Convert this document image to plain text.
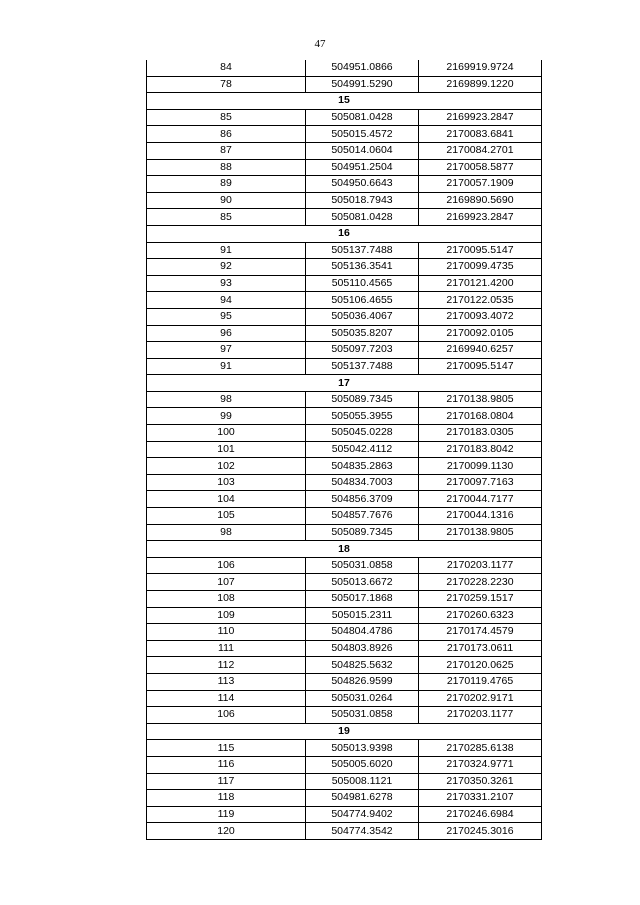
47
84	504951.0866	2169919.9724
78	504991.5290	2169899.1220
15		
85	505081.0428	2169923.2847
86	505015.4572	2170083.6841
87	505014.0604	2170084.2701
88	504951.2504	2170058.5877
89	504950.6643	2170057.1909
90	505018.7943	2169890.5690
85	505081.0428	2169923.2847
16		
91	505137.7488	2170095.5147
92	505136.3541	2170099.4735
93	505110.4565	2170121.4200
94	505106.4655	2170122.0535
95	505036.4067	2170093.4072
96	505035.8207	2170092.0105
97	505097.7203	2169940.6257
91	505137.7488	2170095.5147
17		
98	505089.7345	2170138.9805
99	505055.3955	2170168.0804
100	505045.0228	2170183.0305
101	505042.4112	2170183.8042
102	504835.2863	2170099.1130
103	504834.7003	2170097.7163
104	504856.3709	2170044.7177
105	504857.7676	2170044.1316
98	505089.7345	2170138.9805
18		
106	505031.0858	2170203.1177
107	505013.6672	2170228.2230
108	505017.1868	2170259.1517
109	505015.2311	2170260.6323
110	504804.4786	2170174.4579
111	504803.8926	2170173.0611
112	504825.5632	2170120.0625
113	504826.9599	2170119.4765
114	505031.0264	2170202.9171
106	505031.0858	2170203.1177
19		
115	505013.9398	2170285.6138
116	505005.6020	2170324.9771
117	505008.1121	2170350.3261
118	504981.6278	2170331.2107
119	504774.9402	2170246.6984
120	504774.3542	2170245.3016
